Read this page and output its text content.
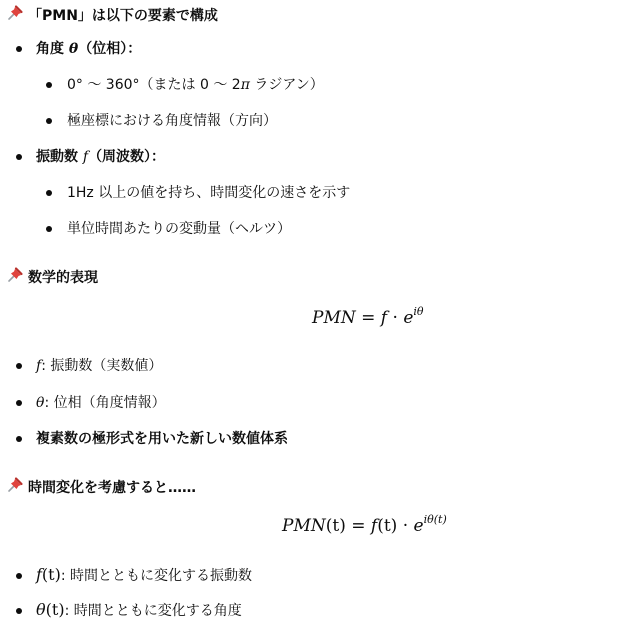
「PMN」は以下の要素で構成
角度 θ（位相）：
0° 〜 360°（または 0 〜 2π ラジアン）
極座標における角度情報（方向）
振動数 f（周波数）：
1Hz 以上の値を持ち、時間変化の速さを示す
単位時間あたりの変動量（ヘルツ）
数学的表現
PMN = $f \cdot e^{i\theta}$
f: 振動数（実数値）
θ: 位相（角度情報）
複素数の極形式を用いた新しい数値体系
時間変化を考慮すると……
$PMN(t) = f(t) \cdot e^{i\theta(t)}$
f(t): 時間とともに変化する振動数
θ(t): 時間とともに変化する角度
